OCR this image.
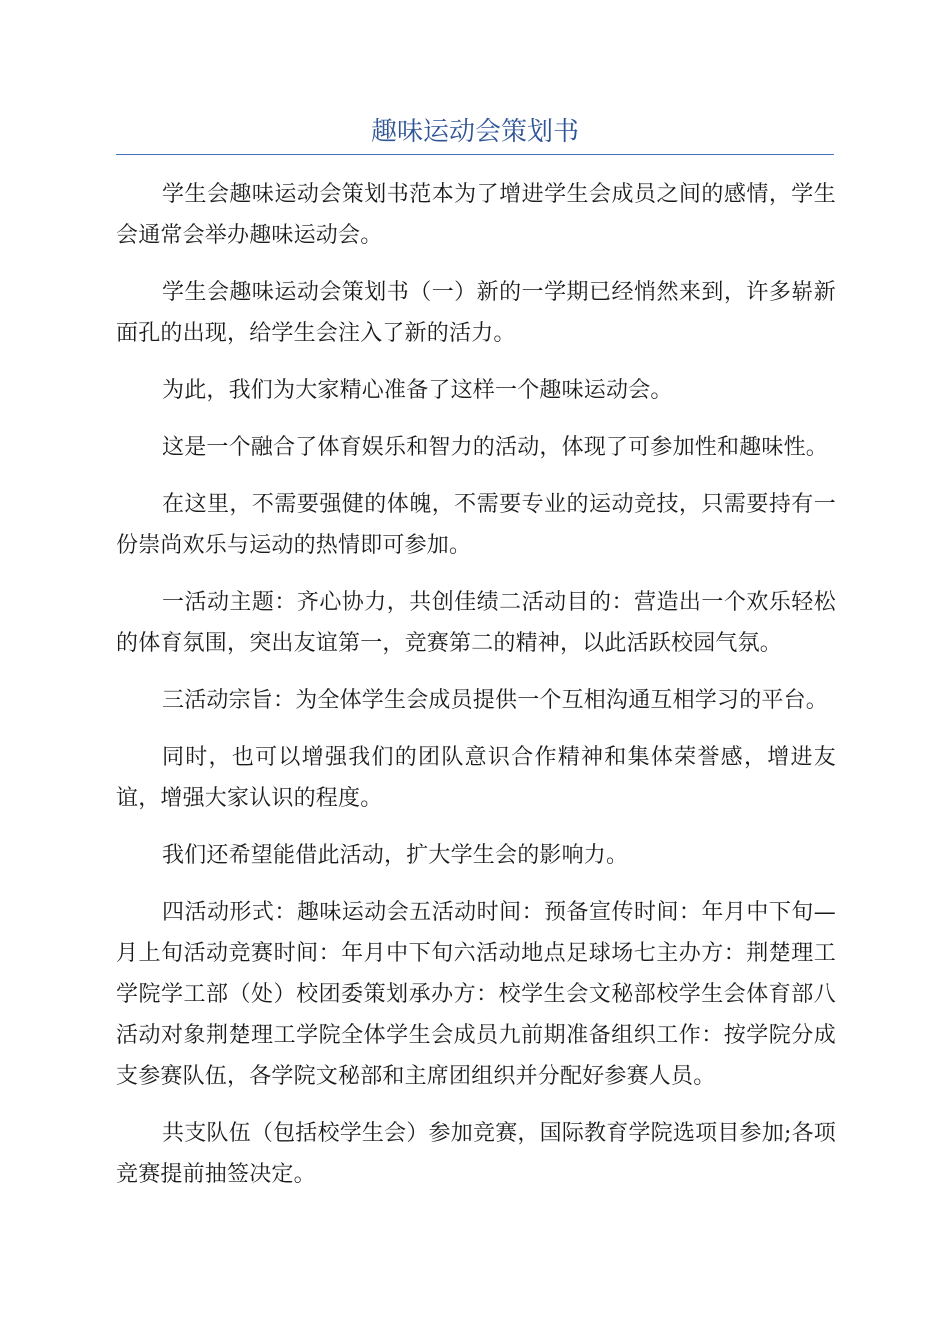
趣味运动会策划书

学生会趣味运动会策划书范本为了增进学生会成员之间的感情，学生会通常会举办趣味运动会。

学生会趣味运动会策划书（一）新的一学期已经悄然来到，许多崭新面孔的出现，给学生会注入了新的活力。

为此，我们为大家精心准备了这样一个趣味运动会。

这是一个融合了体育娱乐和智力的活动，体现了可参加性和趣味性。

在这里，不需要强健的体魄，不需要专业的运动竞技，只需要持有一份崇尚欢乐与运动的热情即可参加。

一活动主题：齐心协力，共创佳绩二活动目的：营造出一个欢乐轻松的体育氛围，突出友谊第一，竞赛第二的精神，以此活跃校园气氛。

三活动宗旨：为全体学生会成员提供一个互相沟通互相学习的平台。

同时，也可以增强我们的团队意识合作精神和集体荣誉感，增进友谊，增强大家认识的程度。

我们还希望能借此活动，扩大学生会的影响力。

四活动形式：趣味运动会五活动时间：预备宣传时间：年月中下旬—月上旬活动竞赛时间：年月中下旬六活动地点足球场七主办方：荆楚理工学院学工部（处）校团委策划承办方：校学生会文秘部校学生会体育部八活动对象荆楚理工学院全体学生会成员九前期准备组织工作：按学院分成支参赛队伍，各学院文秘部和主席团组织并分配好参赛人员。

共支队伍（包括校学生会）参加竞赛，国际教育学院选项目参加;各项竞赛提前抽签决定。
